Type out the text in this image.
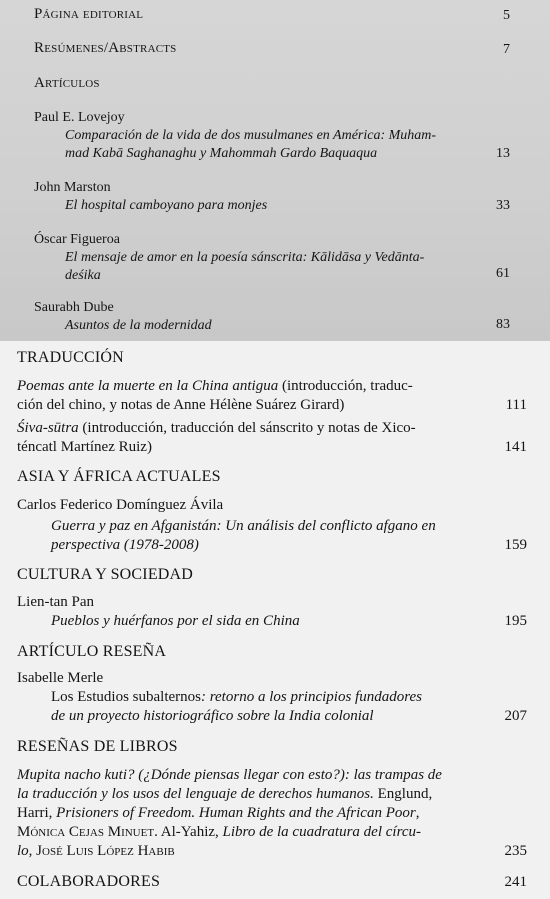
Página editorial	5
Resúmenes/Abstracts	7
Artículos
Paul E. Lovejoy
Comparación de la vida de dos musulmanes en América: Muham-
mad Kabā Saghanaghu y Mahommah Gardo Baquaqua	13
John Marston
El hospital camboyano para monjes	33
Óscar Figueroa
El mensaje de amor en la poesía sánscrita: Kālidāsa y Vedānta-
deśika	61
Saurabh Dube
Asuntos de la modernidad	83
TRADUCCIÓN
Poemas ante la muerte en la China antigua (introducción, traduc-
ción del chino, y notas de Anne Hélène Suárez Girard)	111
Śiva-sūtra (introducción, traducción del sánscrito y notas de Xico-
téncatl Martínez Ruiz)	141
ASIA Y ÁFRICA ACTUALES
Carlos Federico Domínguez Ávila
Guerra y paz en Afganistán: Un análisis del conflicto afgano en
perspectiva (1978-2008)	159
CULTURA Y SOCIEDAD
Lien-tan Pan
Pueblos y huérfanos por el sida en China	195
ARTÍCULO RESEÑA
Isabelle Merle
Los Estudios subalternos: retorno a los principios fundadores
de un proyecto historiográfico sobre la India colonial	207
RESEÑAS DE LIBROS
Mupita nacho kuti? (¿Dónde piensas llegar con esto?): las trampas de
la traducción y los usos del lenguaje de derechos humanos. Englund,
Harri, Prisioners of Freedom. Human Rights and the African Poor,
Mónica Cejas Minuet. Al-Yahiz, Libro de la cuadratura del círcu-
lo, José Luis López Habib	235
COLABORADORES	241
